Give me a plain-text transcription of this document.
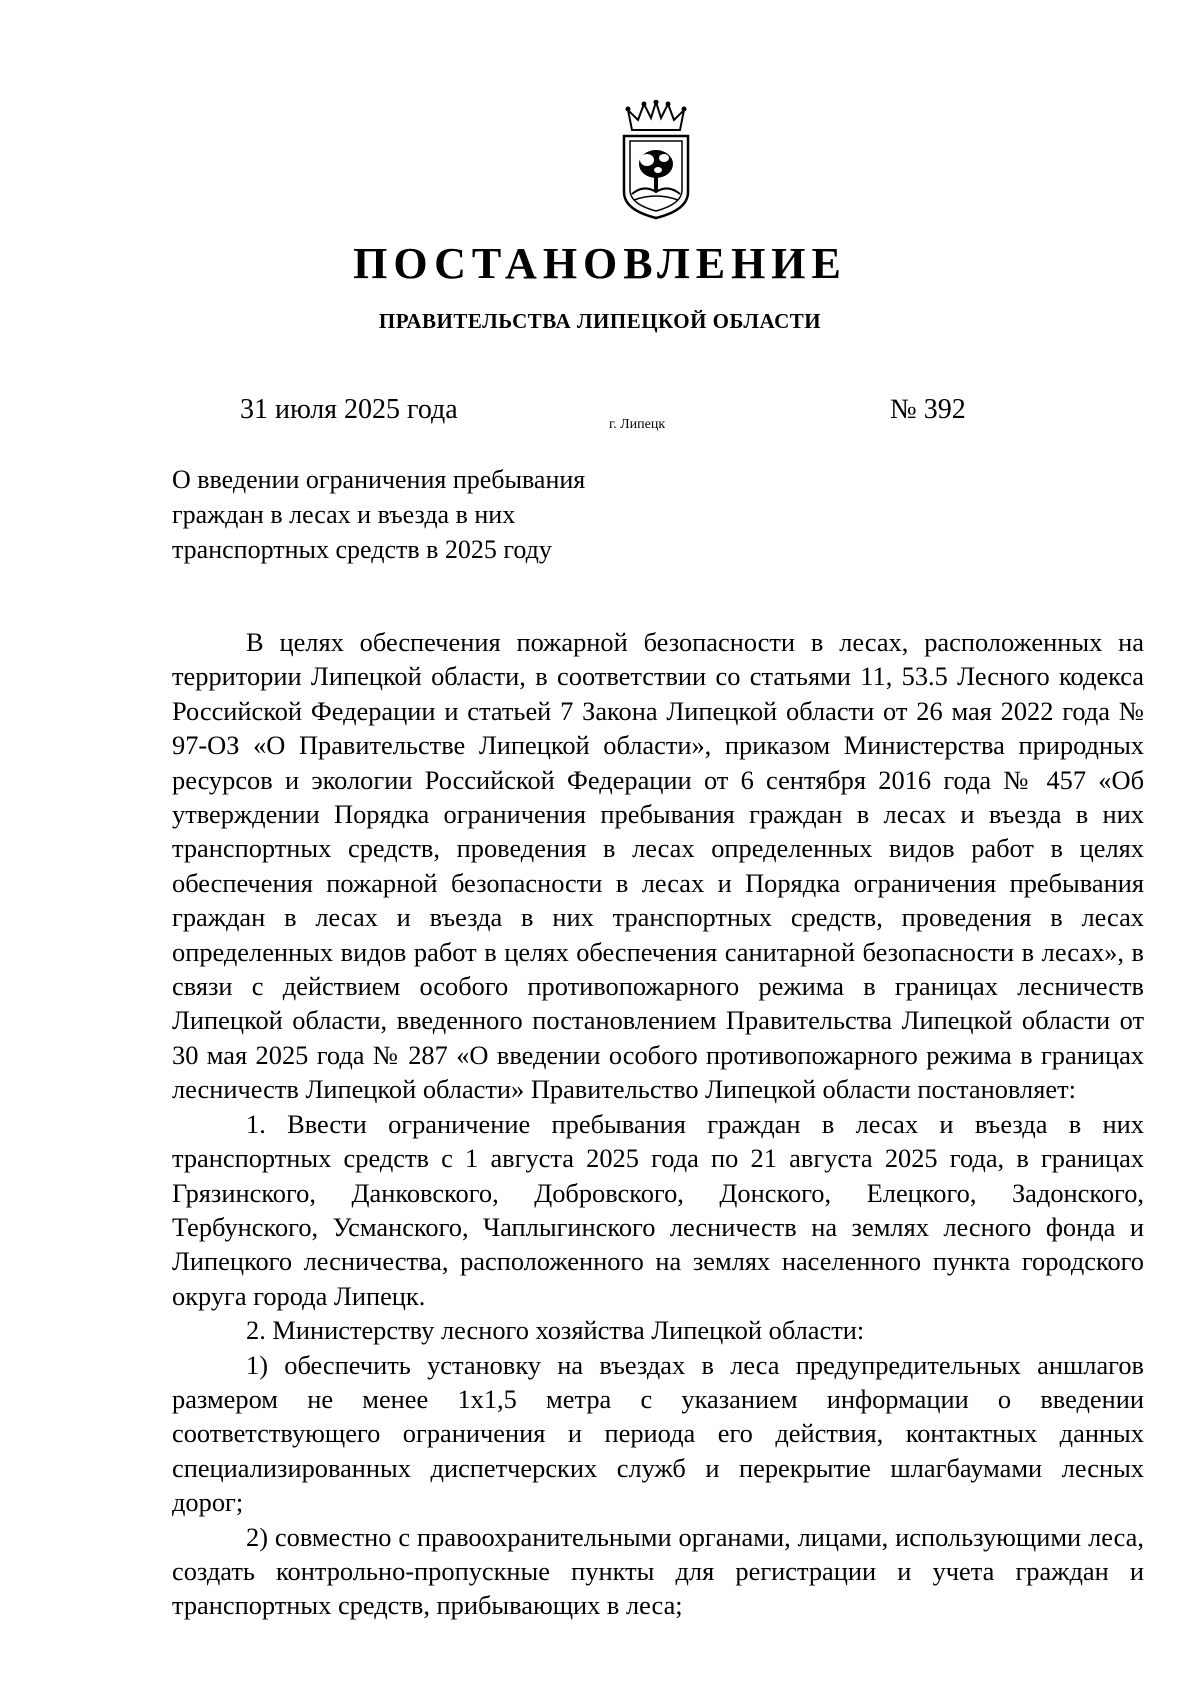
ПОСТАНОВЛЕНИЕ
ПРАВИТЕЛЬСТВА ЛИПЕЦКОЙ ОБЛАСТИ
31 июля 2025 года	г. Липецк	№ 392
О введении ограничения пребывания
граждан в лесах и въезда в них
транспортных средств в 2025 году

В целях обеспечения пожарной безопасности в лесах, расположенных на территории Липецкой области, в соответствии со статьями 11, 53.5 Лесного кодекса Российской Федерации и статьей 7 Закона Липецкой области от 26 мая 2022 года № 97-ОЗ «О Правительстве Липецкой области», приказом Министерства природных ресурсов и экологии Российской Федерации от 6 сентября 2016 года № 457 «Об утверждении Порядка ограничения пребывания граждан в лесах и въезда в них транспортных средств, проведения в лесах определенных видов работ в целях обеспечения пожарной безопасности в лесах и Порядка ограничения пребывания граждан в лесах и въезда в них транспортных средств, проведения в лесах определенных видов работ в целях обеспечения санитарной безопасности в лесах», в связи с действием особого противопожарного режима в границах лесничеств Липецкой области, введенного постановлением Правительства Липецкой области от 30 мая 2025 года № 287 «О введении особого противопожарного режима в границах лесничеств Липецкой области» Правительство Липецкой области постановляет:

1. Ввести ограничение пребывания граждан в лесах и въезда в них транспортных средств с 1 августа 2025 года по 21 августа 2025 года, в границах Грязинского, Данковского, Добровского, Донского, Елецкого, Задонского, Тербунского, Усманского, Чаплыгинского лесничеств на землях лесного фонда и Липецкого лесничества, расположенного на землях населенного пункта городского округа города Липецк.

2. Министерству лесного хозяйства Липецкой области:

1) обеспечить установку на въездах в леса предупредительных аншлагов размером не менее 1х1,5 метра с указанием информации о введении соответствующего ограничения и периода его действия, контактных данных специализированных диспетчерских служб и перекрытие шлагбаумами лесных дорог;

2) совместно с правоохранительными органами, лицами, использующими леса, создать контрольно-пропускные пункты для регистрации и учета граждан и транспортных средств, прибывающих в леса;
